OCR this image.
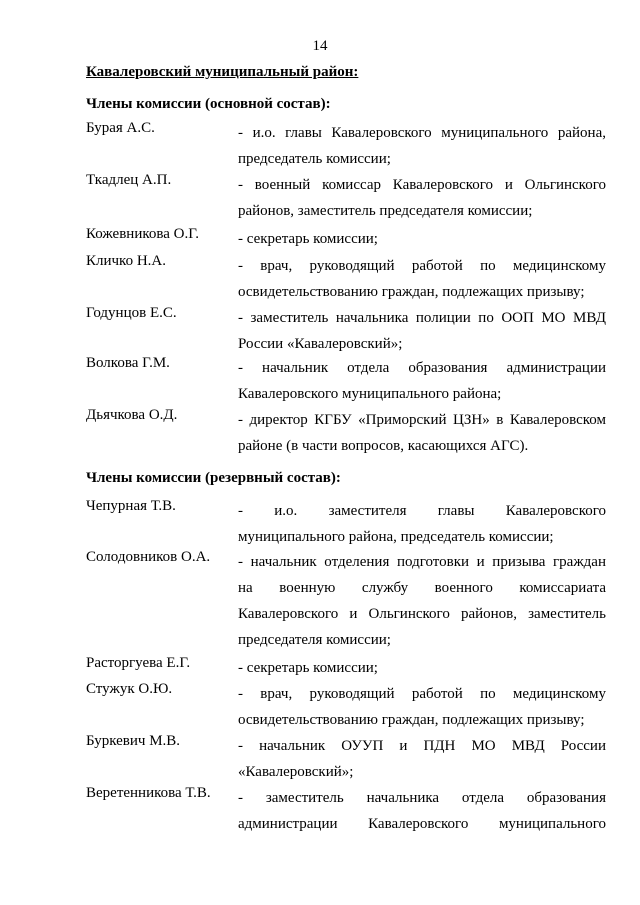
14
Кавалеровский муниципальный район:
Члены комиссии (основной состав):
Бурая А.С.	- и.о. главы Кавалеровского муниципального района,
председатель комиссии;
Ткадлец А.П.	- военный комиссар Кавалеровского и Ольгинского
районов, заместитель председателя комиссии;
Кожевникова О.Г.	- секретарь комиссии;
Кличко Н.А.	- врач, руководящий работой по медицинскому
освидетельствованию граждан, подлежащих призыву;
Годунцов Е.С.	- заместитель начальника полиции по ООП МО МВД
России «Кавалеровский»;
Волкова Г.М.	- начальник отдела образования администрации
Кавалеровского муниципального района;
Дьячкова О.Д.	- директор КГБУ «Приморский ЦЗН» в Кавалеровском
районе (в части вопросов, касающихся АГС).
Члены комиссии (резервный состав):
Чепурная Т.В.	- и.о. заместителя главы Кавалеровского
муниципального района, председатель комиссии;
Солодовников О.А. - начальник отделения подготовки и призыва граждан
на военную службу военного комиссариата
Кавалеровского и Ольгинского районов, заместитель
председателя комиссии;
Расторгуева Е.Г.	- секретарь комиссии;
Стужук О.Ю.	- врач, руководящий работой по медицинскому
освидетельствованию граждан, подлежащих призыву;
Буркевич М.В.	- начальник ОУУП и ПДН МО МВД России
«Кавалеровский»;
Веретенникова Т.В. - заместитель начальника отдела образования
администрации Кавалеровского муниципального
